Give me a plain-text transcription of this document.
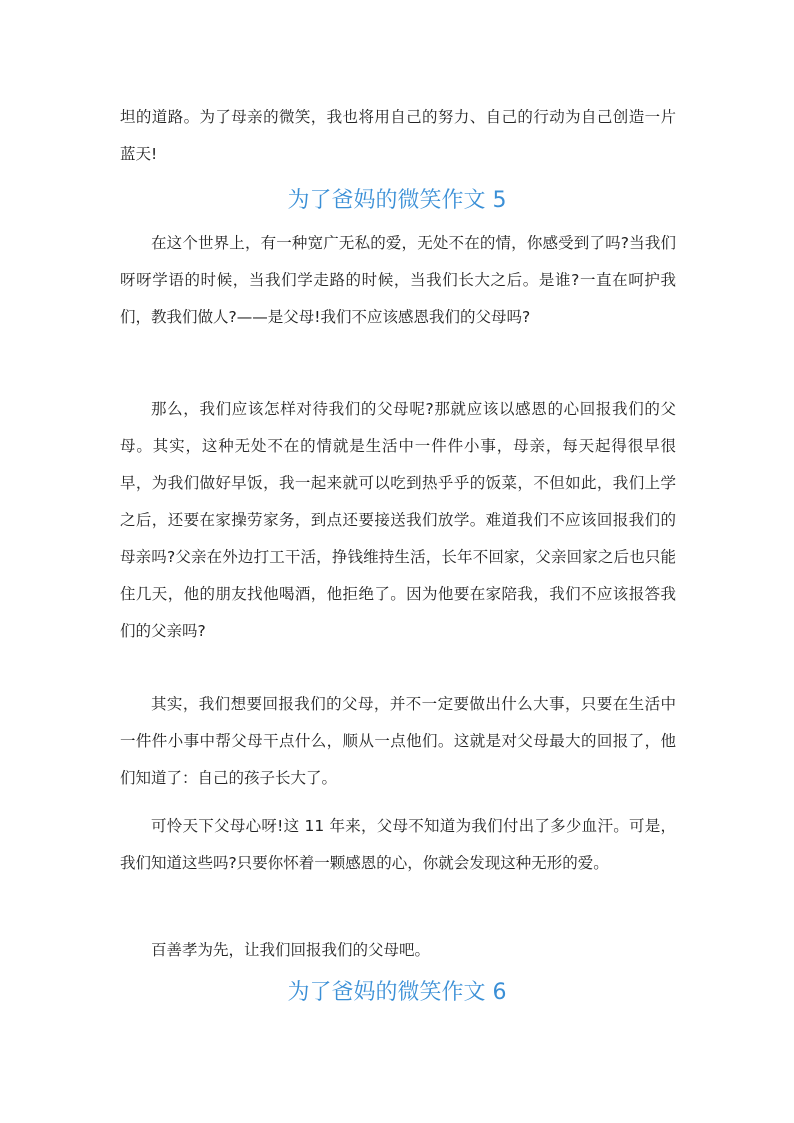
坦的道路。为了母亲的微笑，我也将用自己的努力、自己的行动为自己创造一片蓝天!

为了爸妈的微笑作文 5

在这个世界上，有一种宽广无私的爱，无处不在的情，你感受到了吗?当我们呀呀学语的时候，当我们学走路的时候，当我们长大之后。是谁?一直在呵护我们，教我们做人?——是父母!我们不应该感恩我们的父母吗?

那么，我们应该怎样对待我们的父母呢?那就应该以感恩的心回报我们的父母。其实，这种无处不在的情就是生活中一件件小事，母亲，每天起得很早很早，为我们做好早饭，我一起来就可以吃到热乎乎的饭菜，不但如此，我们上学之后，还要在家操劳家务，到点还要接送我们放学。难道我们不应该回报我们的母亲吗?父亲在外边打工干活，挣钱维持生活，长年不回家，父亲回家之后也只能住几天，他的朋友找他喝酒，他拒绝了。因为他要在家陪我，我们不应该报答我们的父亲吗?

其实，我们想要回报我们的父母，并不一定要做出什么大事，只要在生活中一件件小事中帮父母干点什么，顺从一点他们。这就是对父母最大的回报了，他们知道了：自己的孩子长大了。

可怜天下父母心呀!这 11 年来，父母不知道为我们付出了多少血汗。可是，我们知道这些吗?只要你怀着一颗感恩的心，你就会发现这种无形的爱。

百善孝为先，让我们回报我们的父母吧。

为了爸妈的微笑作文 6
